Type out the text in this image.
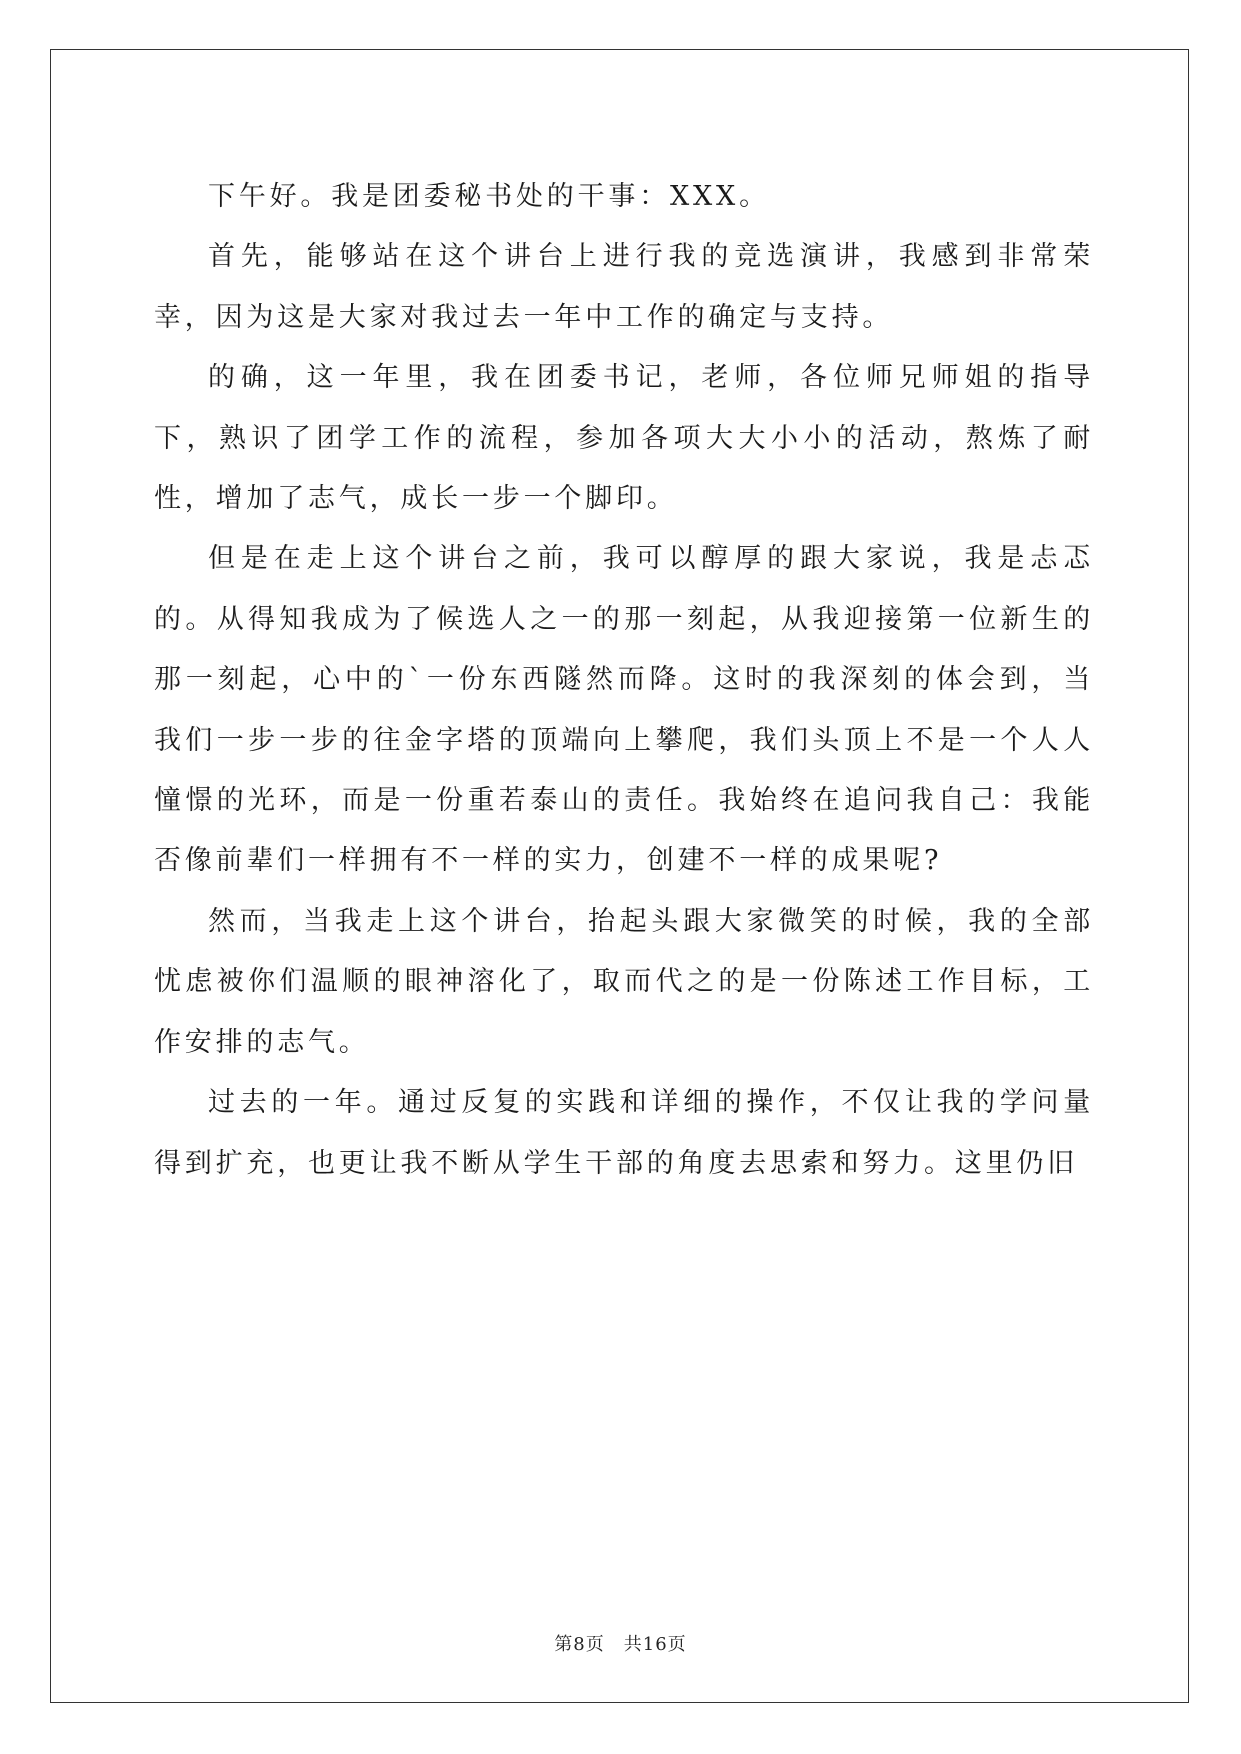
下午好。我是团委秘书处的干事：XXX。

首先，能够站在这个讲台上进行我的竞选演讲，我感到非常荣幸，因为这是大家对我过去一年中工作的确定与支持。

的确，这一年里，我在团委书记，老师，各位师兄师姐的指导下，熟识了团学工作的流程，参加各项大大小小的活动，熬炼了耐性，增加了志气，成长一步一个脚印。

但是在走上这个讲台之前，我可以醇厚的跟大家说，我是忐忑的。从得知我成为了候选人之一的那一刻起，从我迎接第一位新生的那一刻起，心中的`一份东西隧然而降。这时的我深刻的体会到，当我们一步一步的往金字塔的顶端向上攀爬，我们头顶上不是一个人人憧憬的光环，而是一份重若泰山的责任。我始终在追问我自己：我能否像前辈们一样拥有不一样的实力，创建不一样的成果呢?

然而，当我走上这个讲台，抬起头跟大家微笑的时候，我的全部忧虑被你们温顺的眼神溶化了，取而代之的是一份陈述工作目标，工作安排的志气。

过去的一年。通过反复的实践和详细的操作，不仅让我的学问量得到扩充，也更让我不断从学生干部的角度去思索和努力。这里仍旧

第8页　共16页
